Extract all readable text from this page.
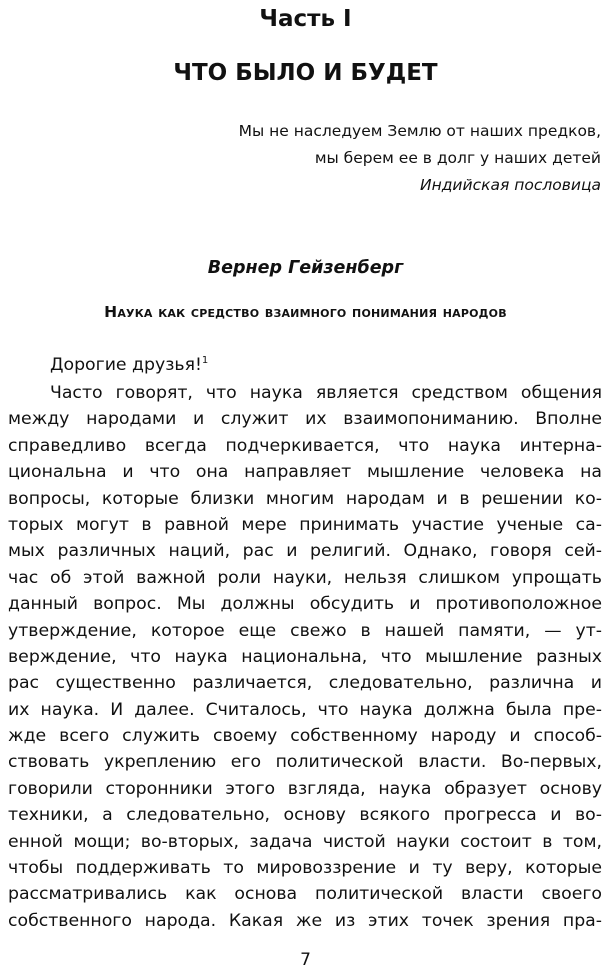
Часть I
ЧТО БЫЛО И БУДЕТ
Мы не наследуем Землю от наших предков,
мы берем ее в долг у наших детей
Индийская пословица
Вернер Гейзенберг
Наука как средство взаимного понимания народов
Дорогие друзья!$^1$
Часто говорят, что наука является средством общения
между народами и служит их взаимопониманию. Вполне
справедливо всегда подчеркивается, что наука интерна-
циональна и что она направляет мышление человека на
вопросы, которые близки многим народам и в решении ко-
торых могут в равной мере принимать участие ученые са-
мых различных наций, рас и религий. Однако, говоря сей-
час об этой важной роли науки, нельзя слишком упрощать
данный вопрос. Мы должны обсудить и противоположное
утверждение, которое еще свежо в нашей памяти, — ут-
верждение, что наука национальна, что мышление разных
рас существенно различается, следовательно, различна и
их наука. И далее. Считалось, что наука должна была пре-
жде всего служить своему собственному народу и способ-
ствовать укреплению его политической власти. Во-первых,
говорили сторонники этого взгляда, наука образует основу
техники, а следовательно, основу всякого прогресса и во-
енной мощи; во-вторых, задача чистой науки состоит в том,
чтобы поддерживать то мировоззрение и ту веру, которые
рассматривались как основа политической власти своего
собственного народа. Какая же из этих точек зрения пра-
7
